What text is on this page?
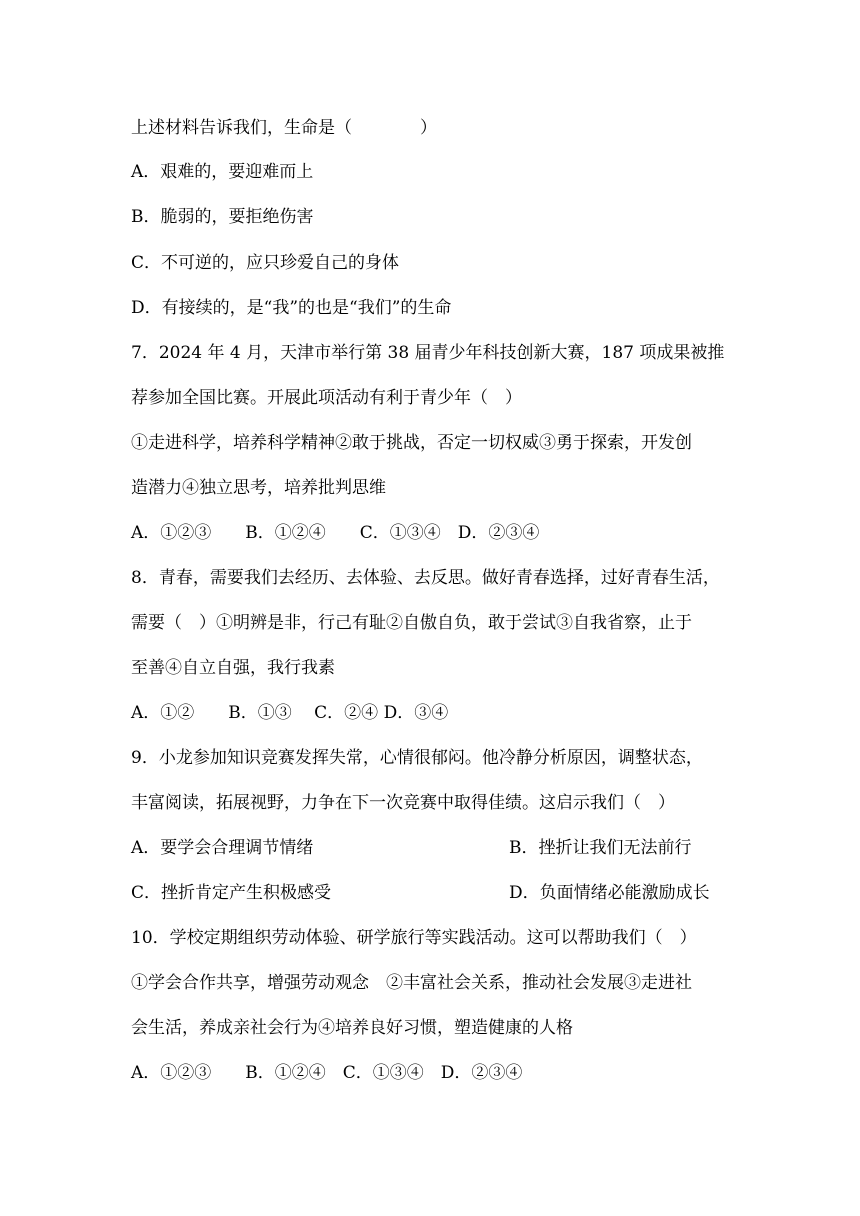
上述材料告诉我们，生命是（　　　　）
A．艰难的，要迎难而上
B．脆弱的，要拒绝伤害
C．不可逆的，应只珍爱自己的身体
D．有接续的，是“我”的也是“我们”的生命
7．2024 年 4 月，天津市举行第 38 届青少年科技创新大赛，187 项成果被推
荐参加全国比赛。开展此项活动有利于青少年（　）
①走进科学，培养科学精神②敢于挑战，否定一切权威③勇于探索，开发创
造潜力④独立思考，培养批判思维
A．①②③　　B．①②④　　C．①③④　D．②③④
8．青春，需要我们去经历、去体验、去反思。做好青春选择，过好青春生活，
需要（　）①明辨是非，行己有耻②自傲自负，敢于尝试③自我省察，止于
至善④自立自强，我行我素
A．①②　　B．①③　 C．②④ D．③④
9．小龙参加知识竞赛发挥失常，心情很郁闷。他冷静分析原因，调整状态，
丰富阅读，拓展视野，力争在下一次竞赛中取得佳绩。这启示我们（　）
A．要学会合理调节情绪	B．挫折让我们无法前行
C．挫折肯定产生积极感受	D．负面情绪必能激励成长
10．学校定期组织劳动体验、研学旅行等实践活动。这可以帮助我们（　）
①学会合作共享，增强劳动观念　②丰富社会关系，推动社会发展③走进社
会生活，养成亲社会行为④培养良好习惯，塑造健康的人格
A．①②③　　B．①②④　C．①③④　D．②③④
